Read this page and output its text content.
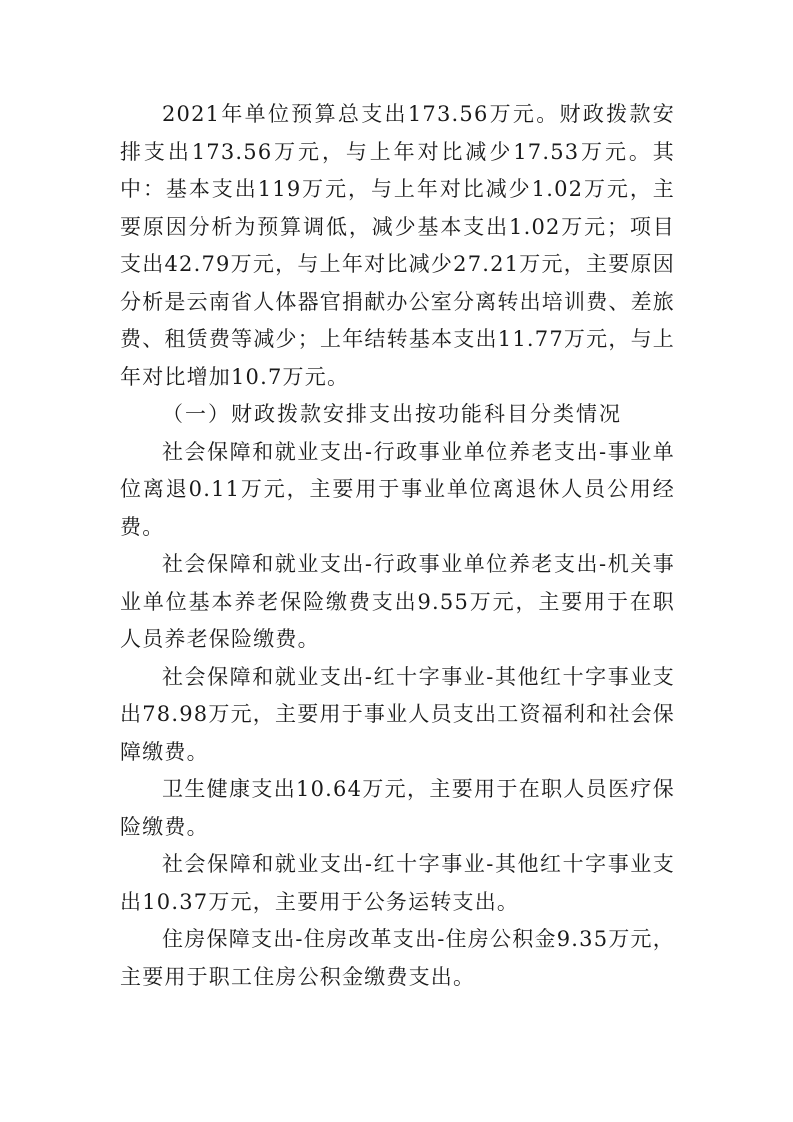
2021年单位预算总支出173.56万元。财政拨款安排支出173.56万元，与上年对比减少17.53万元。其中：基本支出119万元，与上年对比减少1.02万元，主要原因分析为预算调低，减少基本支出1.02万元；项目支出42.79万元，与上年对比减少27.21万元，主要原因分析是云南省人体器官捐献办公室分离转出培训费、差旅费、租赁费等减少；上年结转基本支出11.77万元，与上年对比增加10.7万元。

（一）财政拨款安排支出按功能科目分类情况

社会保障和就业支出-行政事业单位养老支出-事业单位离退0.11万元，主要用于事业单位离退休人员公用经费。

社会保障和就业支出-行政事业单位养老支出-机关事业单位基本养老保险缴费支出9.55万元，主要用于在职人员养老保险缴费。

社会保障和就业支出-红十字事业-其他红十字事业支出78.98万元，主要用于事业人员支出工资福利和社会保障缴费。

卫生健康支出10.64万元，主要用于在职人员医疗保险缴费。

社会保障和就业支出-红十字事业-其他红十字事业支出10.37万元，主要用于公务运转支出。

住房保障支出-住房改革支出-住房公积金9.35万元，主要用于职工住房公积金缴费支出。
